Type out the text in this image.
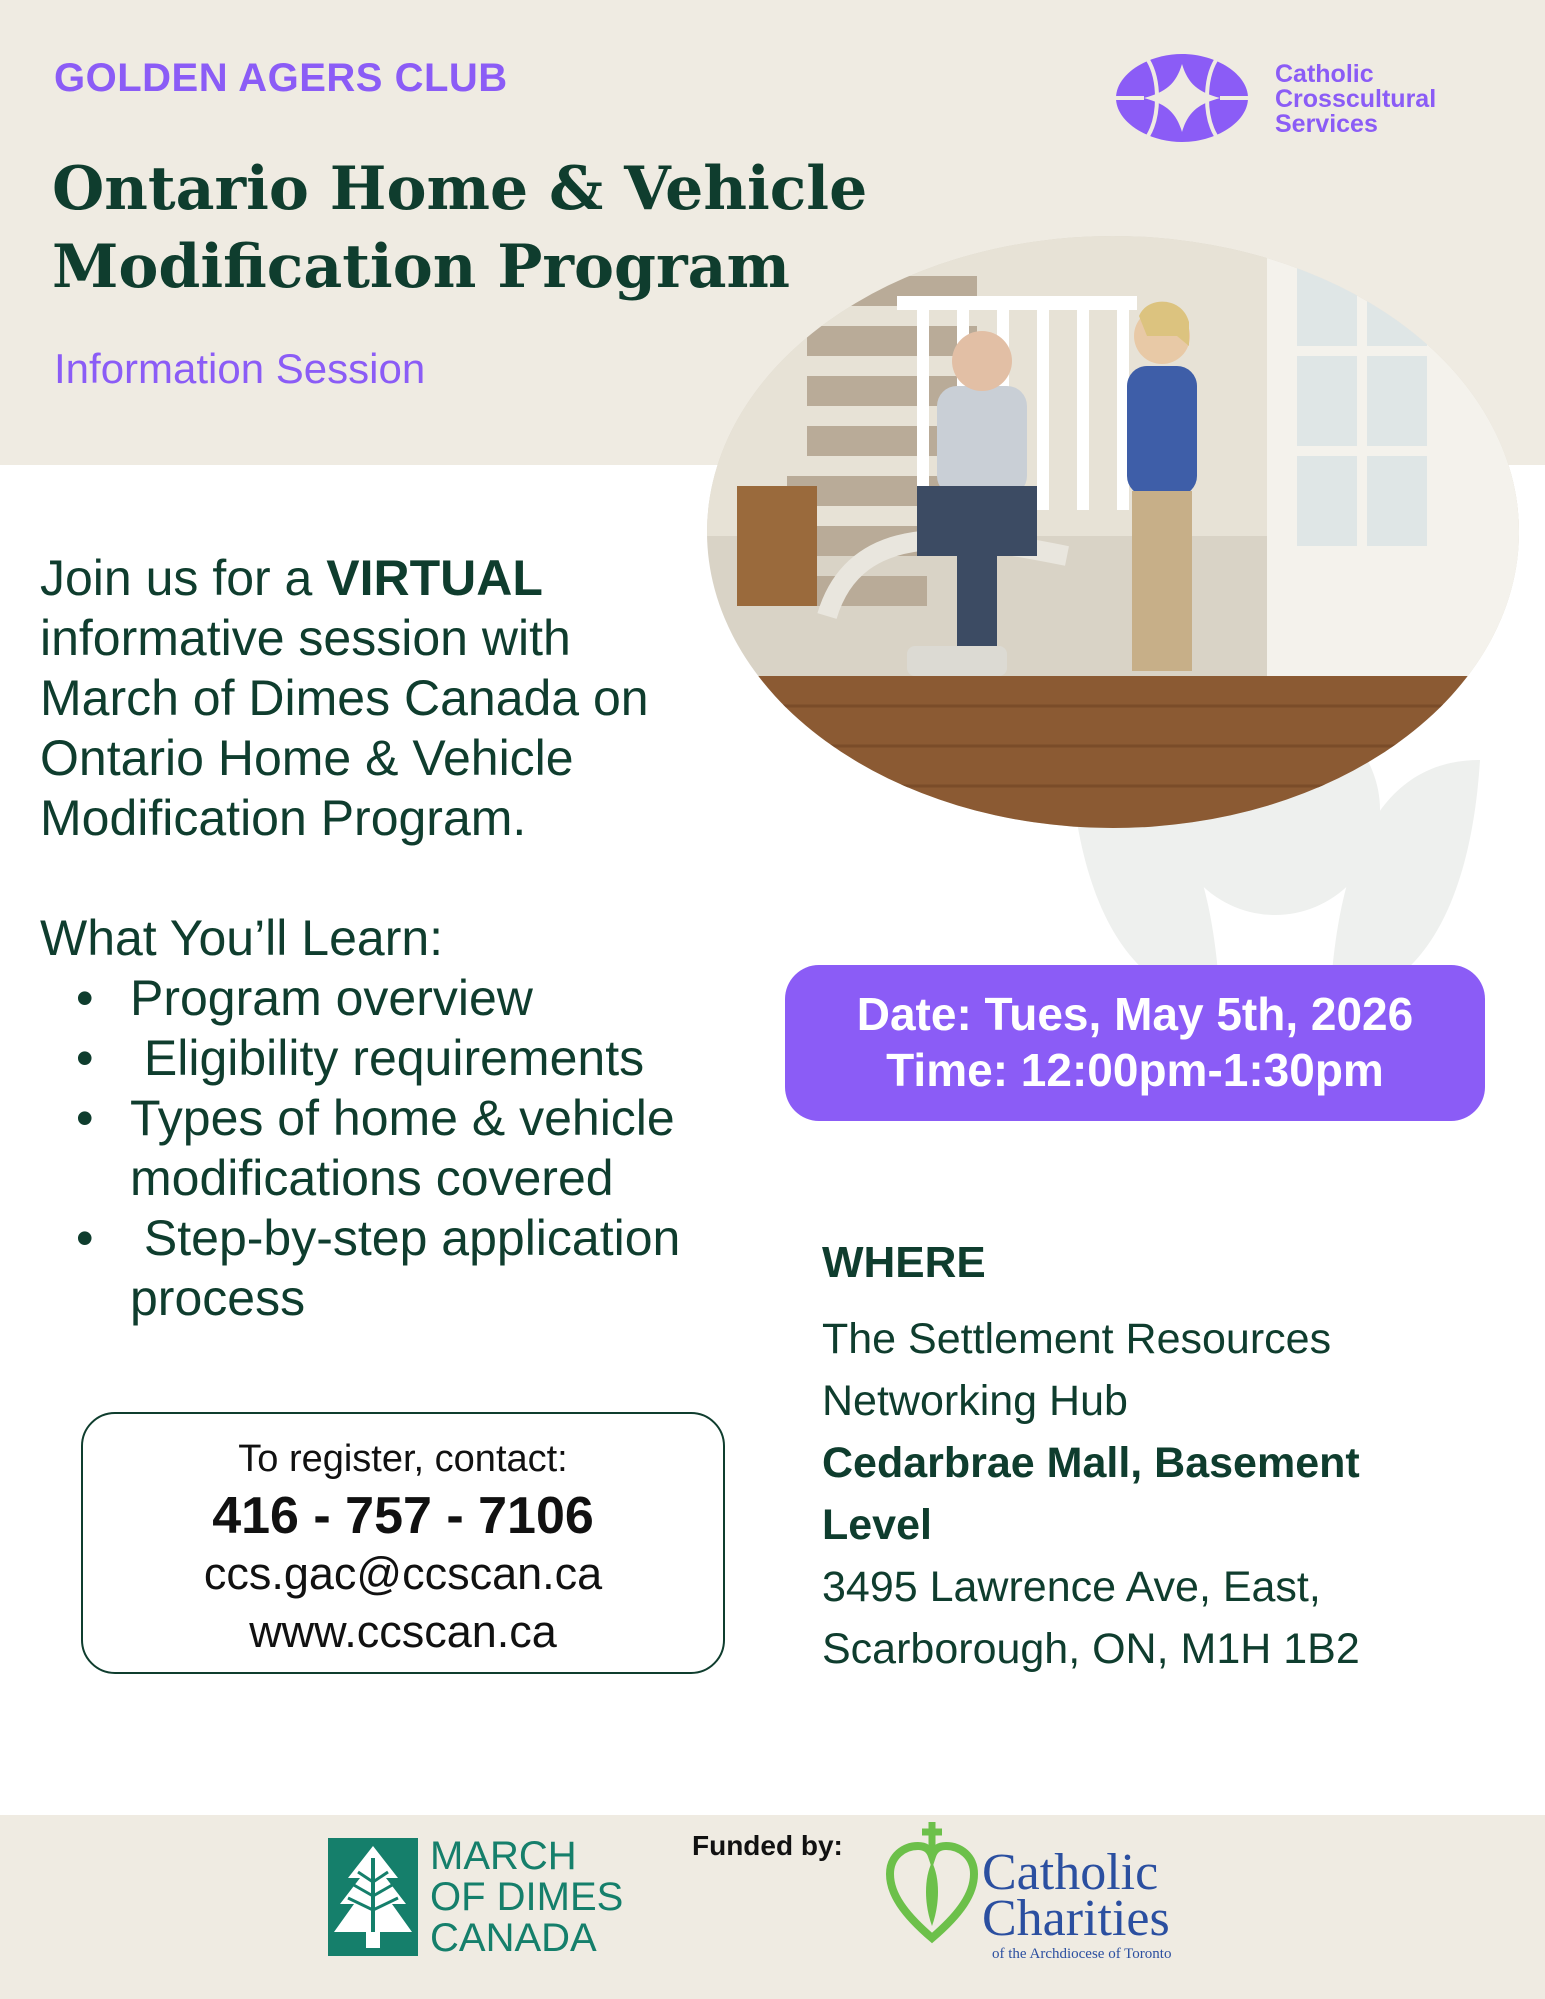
GOLDEN AGERS CLUB
Ontario Home & Vehicle
Modification Program
Information Session
Catholic
Crosscultural
Services
Join us for a VIRTUAL
informative session with
March of Dimes Canada on
Ontario Home & Vehicle
Modification Program.
What You’ll Learn:
• Program overview
•  Eligibility requirements
• Types of home & vehicle modifications covered
•  Step-by-step application process
Date: Tues, May 5th, 2026
Time: 12:00pm-1:30pm
WHERE
The Settlement Resources
Networking Hub
Cedarbrae Mall, Basement
Level
3495 Lawrence Ave, East,
Scarborough, ON, M1H 1B2
To register, contact:
416 - 757 - 7106
ccs.gac@ccscan.ca
www.ccscan.ca
MARCH
OF DIMES
CANADA
Funded by:	Catholic
Charities
of the Archdiocese of Toronto
